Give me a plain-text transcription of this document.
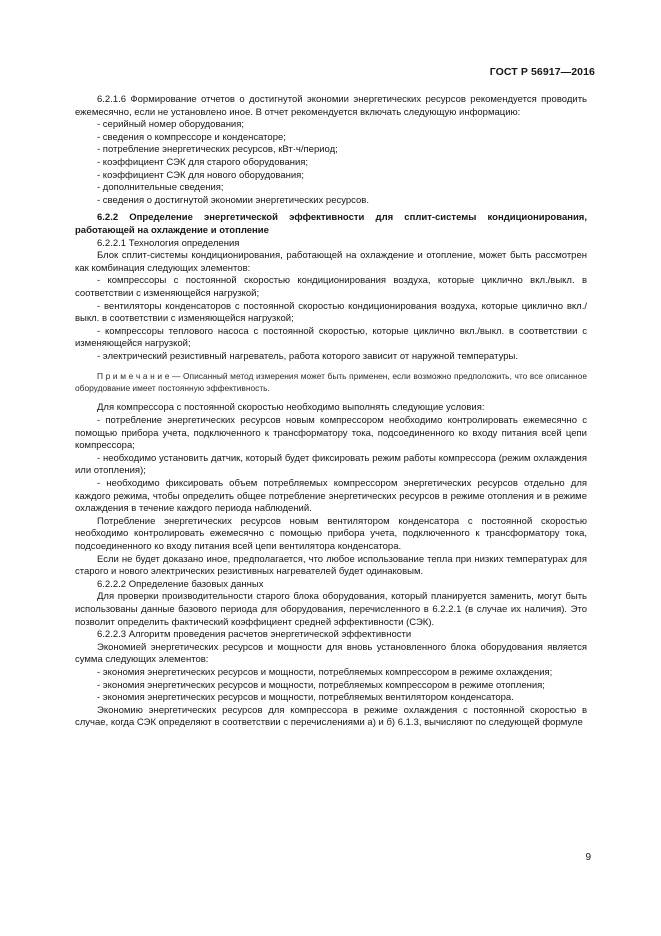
ГОСТ Р 56917—2016

6.2.1.6 Формирование отчетов о достигнутой экономии энергетических ресурсов рекомендуется проводить ежемесячно, если не установлено иное. В отчет рекомендуется включать следующую информацию:

- серийный номер оборудования;

- сведения о компрессоре и конденсаторе;

- потребление энергетических ресурсов, кВт·ч/период;

- коэффициент СЭК для старого оборудования;

- коэффициент СЭК для нового оборудования;

- дополнительные сведения;

- сведения о достигнутой экономии энергетических ресурсов.

6.2.2 Определение энергетической эффективности для сплит-системы кондиционирования, работающей на охлаждение и отопление

6.2.2.1 Технология определения

Блок сплит-системы кондиционирования, работающей на охлаждение и отопление, может быть рассмотрен как комбинация следующих элементов:

- компрессоры с постоянной скоростью кондиционирования воздуха, которые циклично вкл./выкл. в соответствии с изменяющейся нагрузкой;

- вентиляторы конденсаторов с постоянной скоростью кондиционирования воздуха, которые циклично вкл./выкл. в соответствии с изменяющейся нагрузкой;

- компрессоры теплового насоса с постоянной скоростью, которые циклично вкл./выкл. в соответствии с изменяющейся нагрузкой;

- электрический резистивный нагреватель, работа которого зависит от наружной температуры.

П р и м е ч а н и е — Описанный метод измерения может быть применен, если возможно предположить, что все описанное оборудование имеет постоянную эффективность.

Для компрессора с постоянной скоростью необходимо выполнять следующие условия:

- потребление энергетических ресурсов новым компрессором необходимо контролировать ежемесячно с помощью прибора учета, подключенного к трансформатору тока, подсоединенного ко входу питания всей цепи компрессора;

- необходимо установить датчик, который будет фиксировать режим работы компрессора (режим охлаждения или отопления);

- необходимо фиксировать объем потребляемых компрессором энергетических ресурсов отдельно для каждого режима, чтобы определить общее потребление энергетических ресурсов в режиме отопления и в режиме охлаждения в течение каждого периода наблюдений.

Потребление энергетических ресурсов новым вентилятором конденсатора с постоянной скоростью необходимо контролировать ежемесячно с помощью прибора учета, подключенного к трансформатору тока, подсоединенного ко входу питания всей цепи вентилятора конденсатора.

Если не будет доказано иное, предполагается, что любое использование тепла при низких температурах для старого и нового электрических резистивных нагревателей будет одинаковым.

6.2.2.2 Определение базовых данных

Для проверки производительности старого блока оборудования, который планируется заменить, могут быть использованы данные базового периода для оборудования, перечисленного в 6.2.2.1 (в случае их наличия). Это позволит определить фактический коэффициент средней эффективности (СЭК).

6.2.2.3 Алгоритм проведения расчетов энергетической эффективности

Экономией энергетических ресурсов и мощности для вновь установленного блока оборудования является сумма следующих элементов:

- экономия энергетических ресурсов и мощности, потребляемых компрессором в режиме охлаждения;

- экономия энергетических ресурсов и мощности, потребляемых компрессором в режиме отопления;

- экономия энергетических ресурсов и мощности, потребляемых вентилятором конденсатора.

Экономию энергетических ресурсов для компрессора в режиме охлаждения с постоянной скоростью в случае, когда СЭК определяют в соответствии с перечислениями а) и б) 6.1.3, вычисляют по следующей формуле

9
